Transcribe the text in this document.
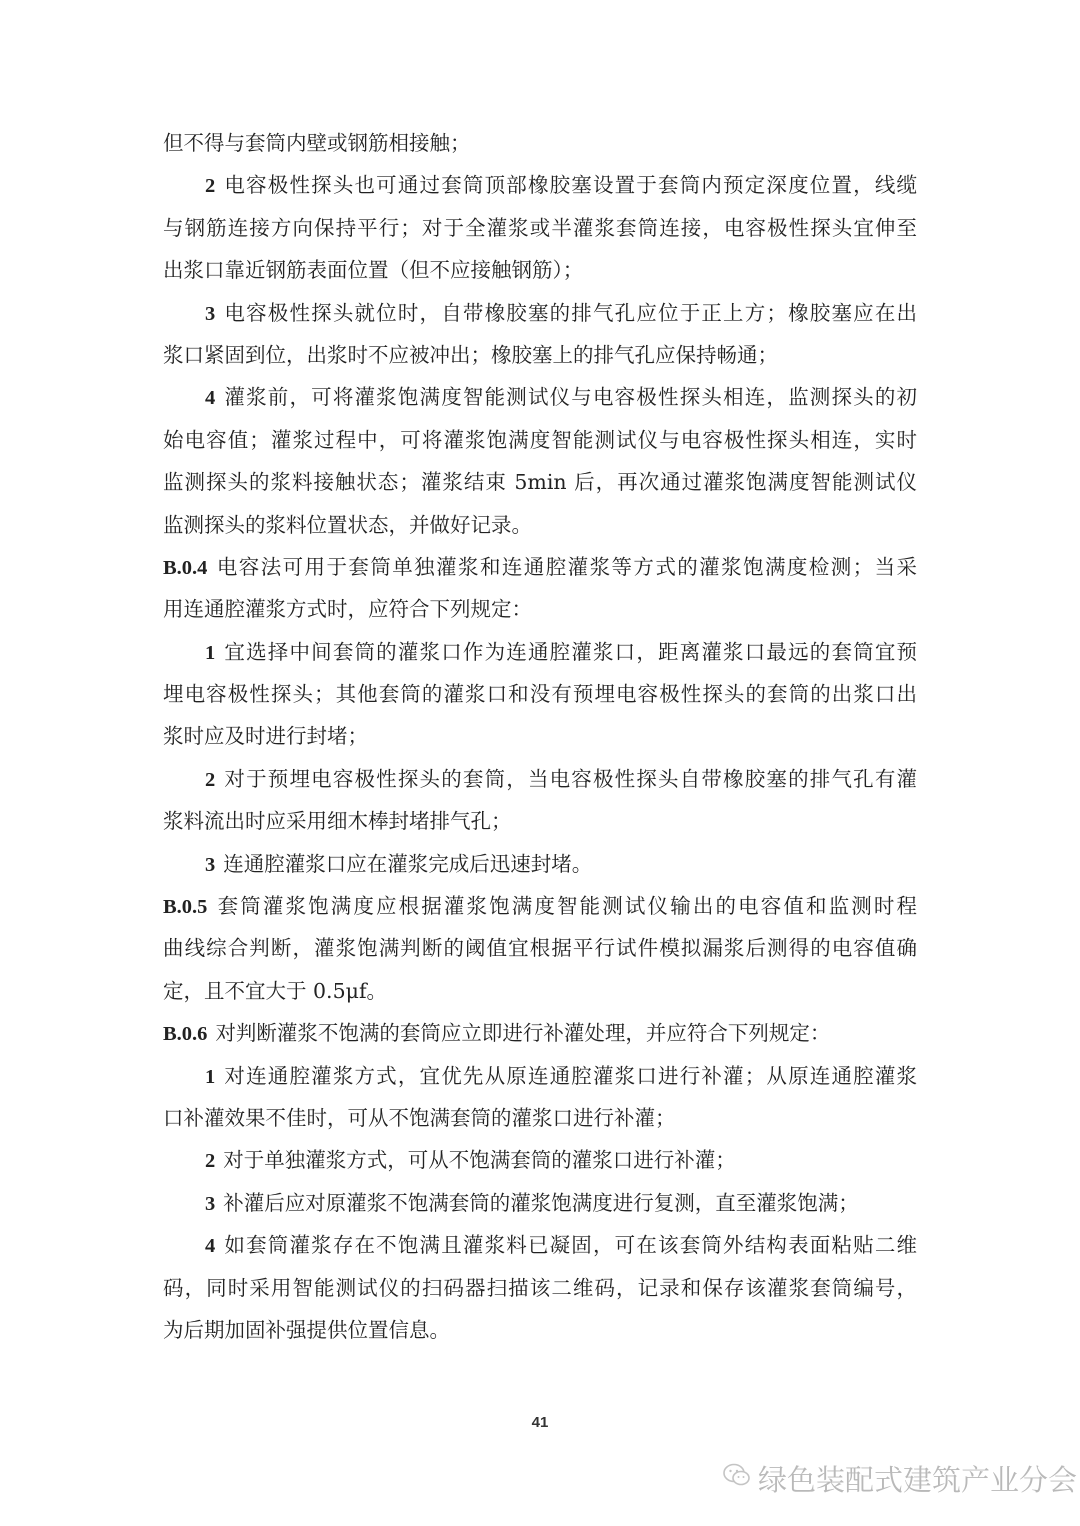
但不得与套筒内壁或钢筋相接触；
2 电容极性探头也可通过套筒顶部橡胶塞设置于套筒内预定深度位置，线缆
与钢筋连接方向保持平行；对于全灌浆或半灌浆套筒连接，电容极性探头宜伸至
出浆口靠近钢筋表面位置（但不应接触钢筋）；
3 电容极性探头就位时，自带橡胶塞的排气孔应位于正上方；橡胶塞应在出
浆口紧固到位，出浆时不应被冲出；橡胶塞上的排气孔应保持畅通；
4 灌浆前，可将灌浆饱满度智能测试仪与电容极性探头相连，监测探头的初
始电容值；灌浆过程中，可将灌浆饱满度智能测试仪与电容极性探头相连，实时
监测探头的浆料接触状态；灌浆结束 5min 后，再次通过灌浆饱满度智能测试仪
监测探头的浆料位置状态，并做好记录。
B.0.4 电容法可用于套筒单独灌浆和连通腔灌浆等方式的灌浆饱满度检测；当采
用连通腔灌浆方式时，应符合下列规定：
1 宜选择中间套筒的灌浆口作为连通腔灌浆口，距离灌浆口最远的套筒宜预
埋电容极性探头；其他套筒的灌浆口和没有预埋电容极性探头的套筒的出浆口出
浆时应及时进行封堵；
2 对于预埋电容极性探头的套筒，当电容极性探头自带橡胶塞的排气孔有灌
浆料流出时应采用细木棒封堵排气孔；
3 连通腔灌浆口应在灌浆完成后迅速封堵。
B.0.5 套筒灌浆饱满度应根据灌浆饱满度智能测试仪输出的电容值和监测时程
曲线综合判断，灌浆饱满判断的阈值宜根据平行试件模拟漏浆后测得的电容值确
定，且不宜大于 0.5μf。
B.0.6 对判断灌浆不饱满的套筒应立即进行补灌处理，并应符合下列规定：
1 对连通腔灌浆方式，宜优先从原连通腔灌浆口进行补灌；从原连通腔灌浆
口补灌效果不佳时，可从不饱满套筒的灌浆口进行补灌；
2 对于单独灌浆方式，可从不饱满套筒的灌浆口进行补灌；
3 补灌后应对原灌浆不饱满套筒的灌浆饱满度进行复测，直至灌浆饱满；
4 如套筒灌浆存在不饱满且灌浆料已凝固，可在该套筒外结构表面粘贴二维
码，同时采用智能测试仪的扫码器扫描该二维码，记录和保存该灌浆套筒编号，
为后期加固补强提供位置信息。
41
绿色装配式建筑产业分会
